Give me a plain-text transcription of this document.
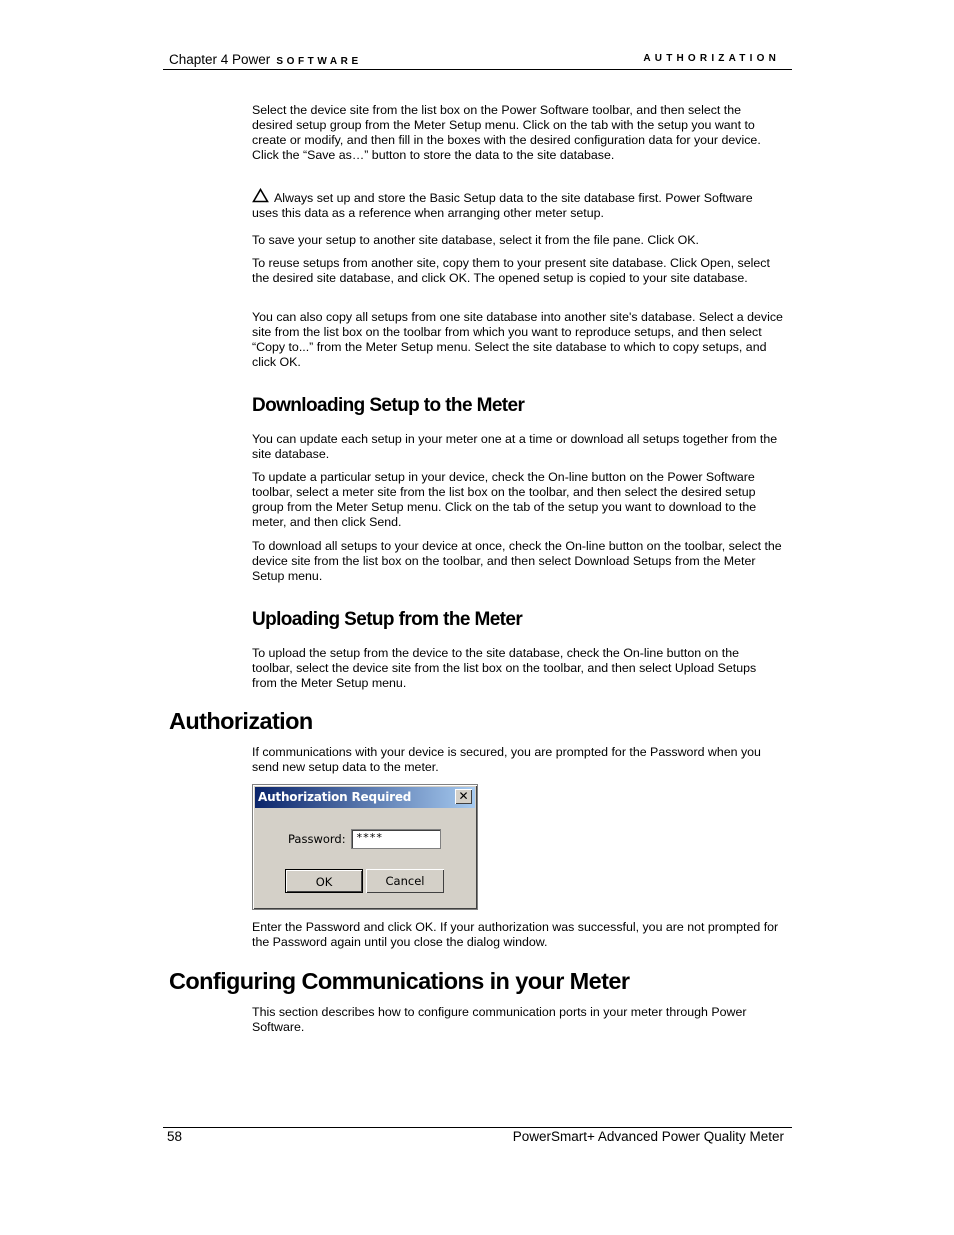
Chapter 4 Power SOFTWARE	AUTHORIZATION

Select the device site from the list box on the Power Software toolbar, and then select the desired setup group from the Meter Setup menu. Click on the tab with the setup you want to create or modify, and then fill in the boxes with the desired configuration data for your device. Click the “Save as…” button to store the data to the site database.

Always set up and store the Basic Setup data to the site database first. Power Software uses this data as a reference when arranging other meter setup.

To save your setup to another site database, select it from the file pane. Click OK.

To reuse setups from another site, copy them to your present site database. Click Open, select the desired site database, and click OK. The opened setup is copied to your site database.

You can also copy all setups from one site database into another site's database. Select a device site from the list box on the toolbar from which you want to reproduce setups, and then select “Copy to...” from the Meter Setup menu. Select the site database to which to copy setups, and click OK.

Downloading Setup to the Meter

You can update each setup in your meter one at a time or download all setups together from the site database.

To update a particular setup in your device, check the On-line button on the Power Software toolbar, select a meter site from the list box on the toolbar, and then select the desired setup group from the Meter Setup menu. Click on the tab of the setup you want to download to the meter, and then click Send.

To download all setups to your device at once, check the On-line button on the toolbar, select the device site from the list box on the toolbar, and then select Download Setups from the Meter Setup menu.

Uploading Setup from the Meter

To upload the setup from the device to the site database, check the On-line button on the toolbar, select the device site from the list box on the toolbar, and then select Upload Setups from the Meter Setup menu.

Authorization

If communications with your device is secured, you are prompted for the Password when you send new setup data to the meter.

Authorization Required	✕
Password: ****
OK	Cancel

Enter the Password and click OK. If your authorization was successful, you are not prompted for the Password again until you close the dialog window.

Configuring Communications in your Meter

This section describes how to configure communication ports in your meter through Power Software.

58	PowerSmart+ Advanced Power Quality Meter
